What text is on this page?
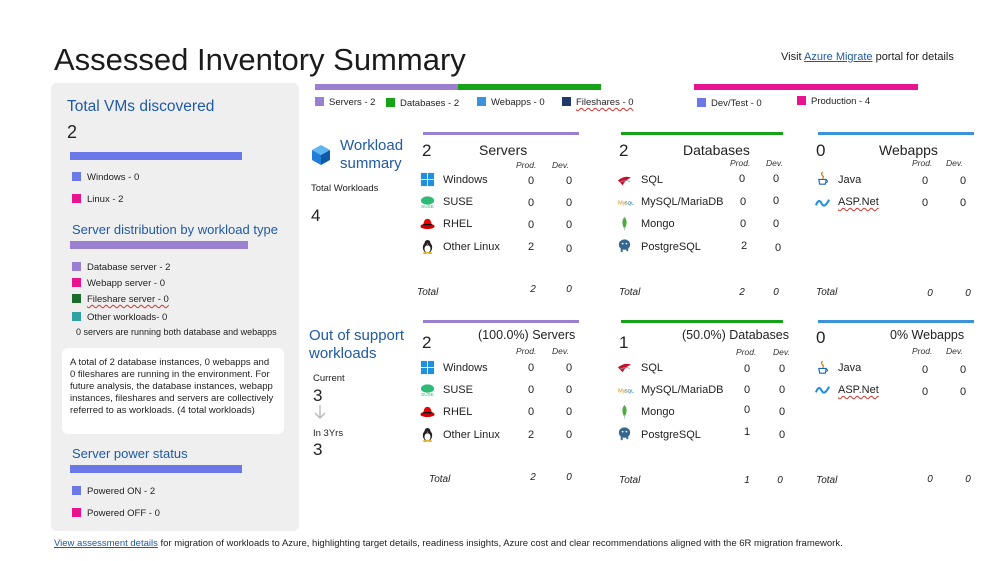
Assessed Inventory Summary	Visit Azure Migrate portal for details
Total VMs discovered
2
Windows - 0
Linux - 2
Server distribution by workload type
Database server - 2
Webapp server - 0
Fileshare server - 0
Other workloads- 0
0 servers are running both database and webapps
A total of 2 database instances, 0 webapps and 0 fileshares are running in the environment. For future analysis, the database instances, webapp instances, fileshares and servers are collectively referred to as workloads. (4 total workloads)
Server power status
Powered ON - 2
Powered OFF - 0
Servers - 2	Databases - 2	Webapps - 0	Fileshares - 0	Dev/Test - 0	Production - 4
Workload
summary
Total Workloads
4
Out of support
workloads
Current
3
In 3Yrs
3
2	Servers
Prod. Dev.
Windows	0	0
SUSE SUSE	0	0
RHEL	0	0
Other Linux	2	0
Total	2	0
2	Databases
Prod. Dev.
SQL	0	0
My SQL MySQL/MariaDB	0	0
Mongo	0	0
PostgreSQL	2	0
Total	2	0
0	Webapps
Prod. Dev.
Java	0	0
ASP.Net	0	0
Total	0	0
2	(100.0%) Servers
Prod. Dev.
Windows	0	0
SUSE SUSE	0	0
RHEL	0	0
Other Linux	2	0
Total	2	0
1	(50.0%) Databases
Prod. Dev.
SQL	0	0
My SQL MySQL/MariaDB	0	0
Mongo	0	0
PostgreSQL	1	0
Total	1	0
0	0% Webapps
Prod. Dev.
Java	0	0
ASP.Net	0	0
Total	0	0
View assessment details for migration of workloads to Azure, highlighting target details, readiness insights, Azure cost and clear recommendations aligned with the 6R migration framework.
